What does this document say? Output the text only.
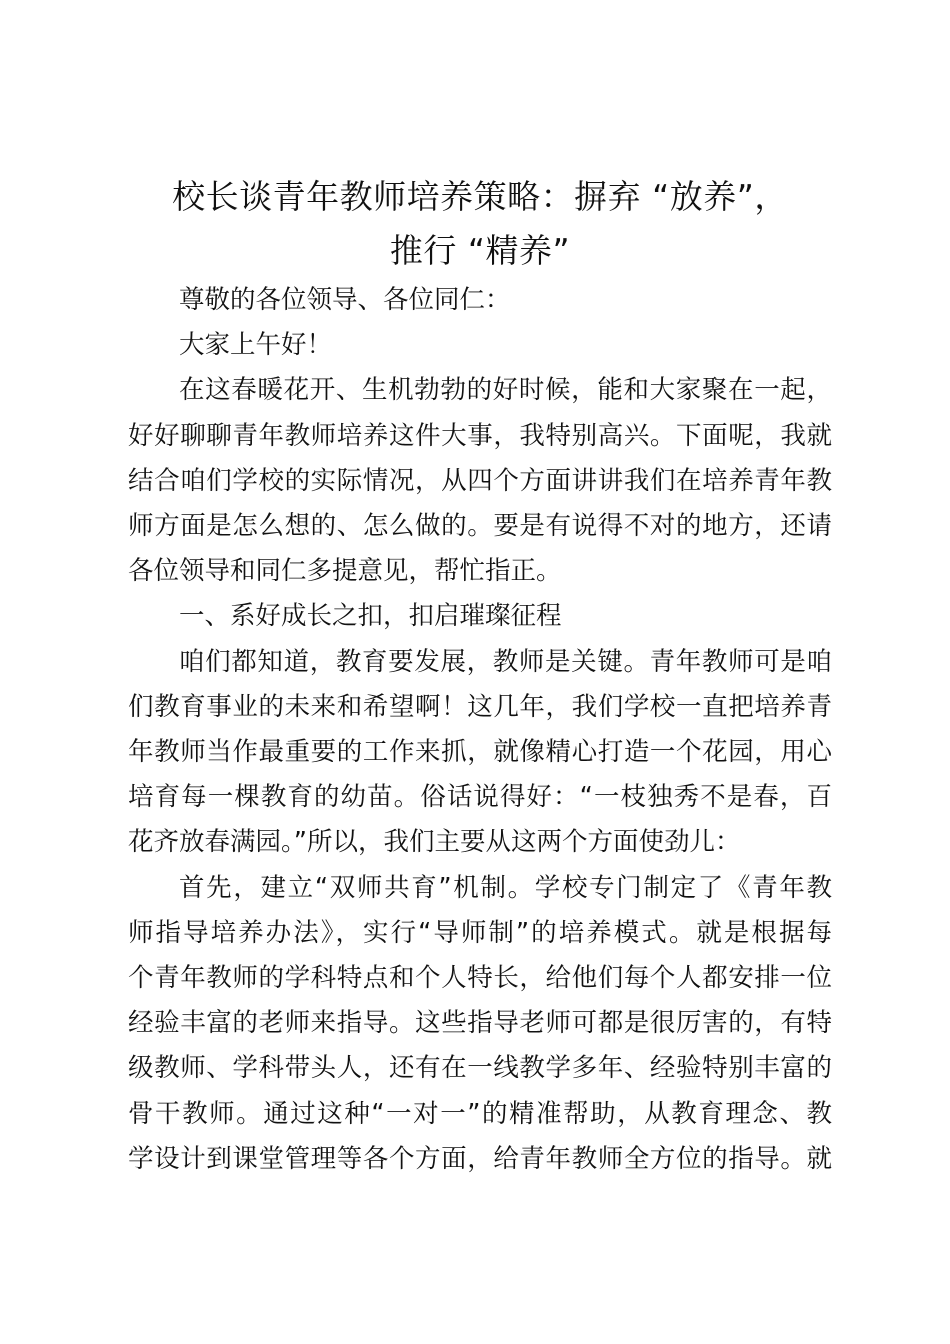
校长谈青年教师培养策略：摒弃 “放养”，
推行 “精养”

尊敬的各位领导、各位同仁：

大家上午好！

在这春暖花开、生机勃勃的好时候，能和大家聚在一起，
好好聊聊青年教师培养这件大事，我特别高兴。下面呢，我就
结合咱们学校的实际情况，从四个方面讲讲我们在培养青年教
师方面是怎么想的、怎么做的。要是有说得不对的地方，还请
各位领导和同仁多提意见，帮忙指正。

一、系好成长之扣，扣启璀璨征程

咱们都知道，教育要发展，教师是关键。青年教师可是咱
们教育事业的未来和希望啊！这几年，我们学校一直把培养青
年教师当作最重要的工作来抓，就像精心打造一个花园，用心
培育每一棵教育的幼苗。俗话说得好：“一枝独秀不是春，百
花齐放春满园。”所以，我们主要从这两个方面使劲儿：

首先，建立“双师共育”机制。学校专门制定了《青年教
师指导培养办法》，实行“导师制”的培养模式。就是根据每
个青年教师的学科特点和个人特长，给他们每个人都安排一位
经验丰富的老师来指导。这些指导老师可都是很厉害的，有特
级教师、学科带头人，还有在一线教学多年、经验特别丰富的
骨干教师。通过这种“一对一”的精准帮助，从教育理念、教
学设计到课堂管理等各个方面，给青年教师全方位的指导。就
